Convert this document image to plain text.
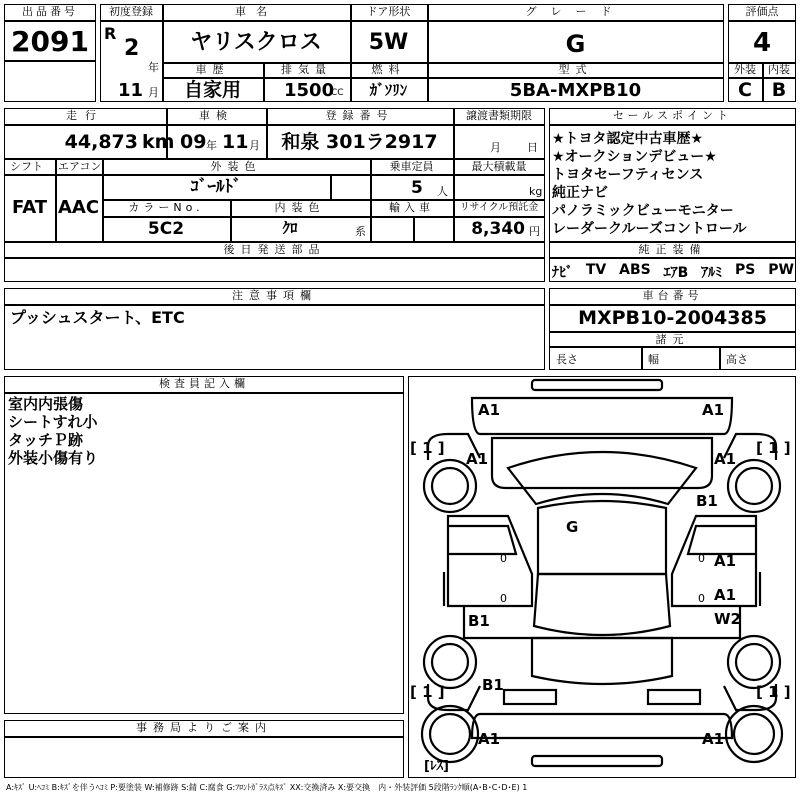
出品番号
2091
初度登録
R
2
年
11 月
車名
ヤリスクロス
ドア形状
5W
グレード
G
車歴
自家用
排気量
1500
CC
燃料
ｶﾞｿﾘﾝ
型式
5BA-MXPB10
評価点
4
外装	内装
C	B
走行
44,873 km
車検
09 年 11 月
登録番号
和泉 301ラ2917
譲渡書類期限
月 日
シフト エアコン
FAT AAC
外装色
ｺﾞｰﾙﾄﾞ
乗車定員
5 人
最大積載量
kg
カラーNo.
5C2
内装色
ｸﾛ	系
輸入車	リサイクル預託金
8,340 円
後日発送部品
セールスポイント
★トヨタ認定中古車歴★
★オークションデビュー★
トヨタセーフティセンス
純正ナビ
パノラミックビューモニター
レーダークルーズコントロール
純正装備
ﾅﾋﾞ TV ABS ｴｱB ｱﾙﾐ PS PW
注意事項欄
プッシュスタート、ETC
車台番号
MXPB10-2004385
諸元
長さ	幅	高さ
検査員記入欄
室内内張傷
シートすれ小
タッチＰ跡
外装小傷有り
事務局よりご案内
A1	A1
A1	A1
B1
G
A1
A1
W2
B1
B1
A1	A1
[ 1 ]	[ 1 ]
[ 1 ]	[ 1 ]
[ﾚｽ]
0	0
0	0
A:ｷｽﾞ U:ﾍｺﾐ B:ｷｽﾞを伴うﾍｺﾐ P:要塗装 W:補修跡 S:錆 C:腐食 G:ﾌﾛﾝﾄｶﾞﾗｽ点ｷｽﾞ XX:交換済み X:要交換　内・外装評価 5段階ﾗﾝｸ順(A･B･C･D･E) 1
